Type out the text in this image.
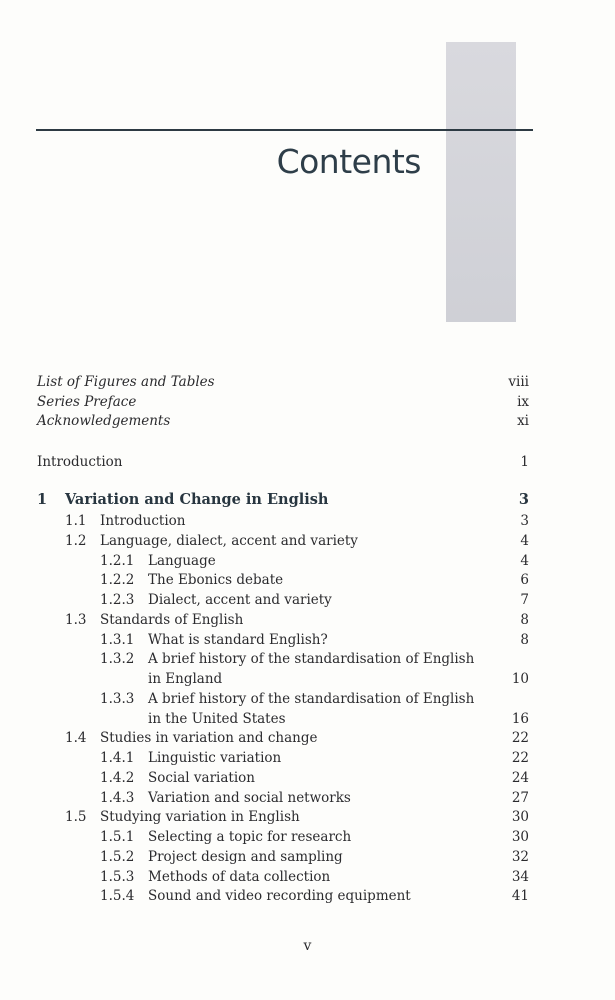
Contents
List of Figures and Tables	viii
Series Preface	ix
Acknowledgements	xi
Introduction	1
1 Variation and Change in English	3
1.1 Introduction	3
1.2 Language, dialect, accent and variety	4
1.2.1 Language	4
1.2.2 The Ebonics debate	6
1.2.3 Dialect, accent and variety	7
1.3 Standards of English	8
1.3.1 What is standard English?	8
1.3.2 A brief history of the standardisation of English
in England	10
1.3.3 A brief history of the standardisation of English
in the United States	16
1.4 Studies in variation and change	22
1.4.1 Linguistic variation	22
1.4.2 Social variation	24
1.4.3 Variation and social networks	27
1.5 Studying variation in English	30
1.5.1 Selecting a topic for research	30
1.5.2 Project design and sampling	32
1.5.3 Methods of data collection	34
1.5.4 Sound and video recording equipment	41
v
